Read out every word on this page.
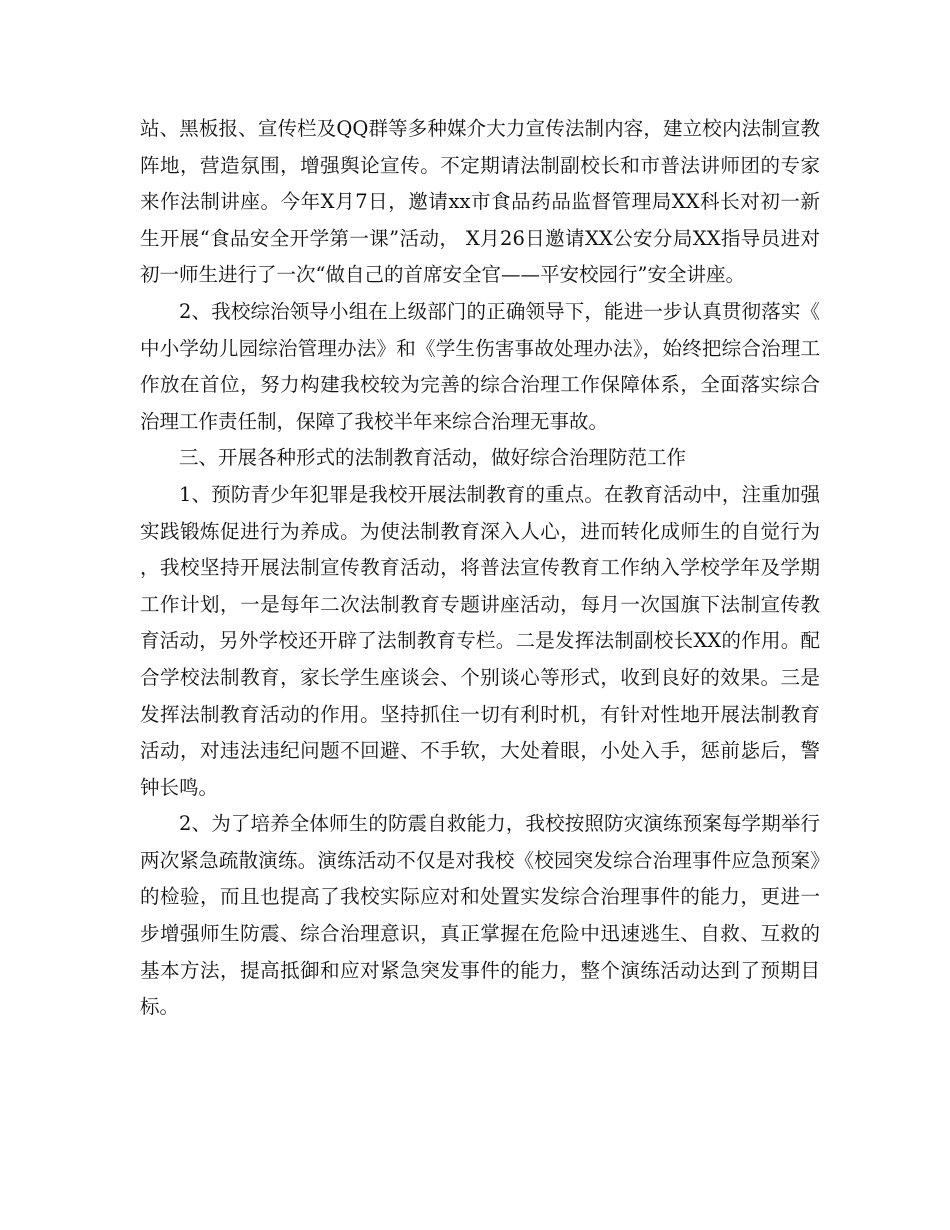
站、黑板报、宣传栏及QQ群等多种媒介大力宣传法制内容，建立校内法制宣教阵地，营造氛围，增强舆论宣传。不定期请法制副校长和市普法讲师团的专家来作法制讲座。今年X月7日，邀请xx市食品药品监督管理局XX科长对初一新生开展“食品安全开学第一课”活动， X月26日邀请XX公安分局XX指导员进对初一师生进行了一次“做自己的首席安全官——平安校园行”安全讲座。

2、我校综治领导小组在上级部门的正确领导下，能进一步认真贯彻落实《中小学幼儿园综治管理办法》和《学生伤害事故处理办法》，始终把综合治理工作放在首位，努力构建我校较为完善的综合治理工作保障体系，全面落实综合治理工作责任制，保障了我校半年来综合治理无事故。

三、开展各种形式的法制教育活动，做好综合治理防范工作

1、预防青少年犯罪是我校开展法制教育的重点。在教育活动中，注重加强实践锻炼促进行为养成。为使法制教育深入人心，进而转化成师生的自觉行为，我校坚持开展法制宣传教育活动，将普法宣传教育工作纳入学校学年及学期工作计划，一是每年二次法制教育专题讲座活动，每月一次国旗下法制宣传教育活动，另外学校还开辟了法制教育专栏。二是发挥法制副校长XX的作用。配合学校法制教育，家长学生座谈会、个别谈心等形式，收到良好的效果。三是发挥法制教育活动的作用。坚持抓住一切有利时机，有针对性地开展法制教育活动，对违法违纪问题不回避、不手软，大处着眼，小处入手，惩前毖后，警钟长鸣。

2、为了培养全体师生的防震自救能力，我校按照防灾演练预案每学期举行两次紧急疏散演练。演练活动不仅是对我校《校园突发综合治理事件应急预案》的检验，而且也提高了我校实际应对和处置实发综合治理事件的能力，更进一步增强师生防震、综合治理意识，真正掌握在危险中迅速逃生、自救、互救的基本方法，提高抵御和应对紧急突发事件的能力，整个演练活动达到了预期目标。
